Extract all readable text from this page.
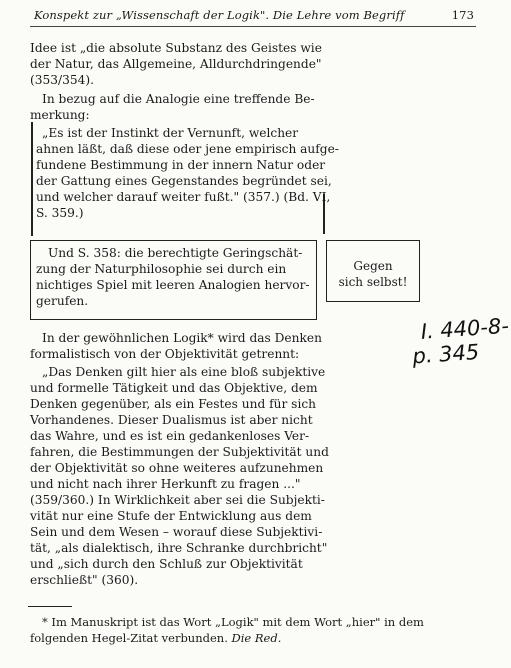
Konspekt zur „Wissenschaft der Logik". Die Lehre vom Begriff	173
Idee ist „die absolute Substanz des Geistes wie
der Natur, das Allgemeine, Alldurchdringende"
(353/354).
In bezug auf die Analogie eine treffende Be-
merkung:
„Es ist der Instinkt der Vernunft, welcher
ahnen läßt, daß diese oder jene empirisch aufge-
fundene Bestimmung in der innern Natur oder
der Gattung eines Gegenstandes begründet sei,
und welcher darauf weiter fußt." (357.) (Bd. VI,
S. 359.)
Und S. 358: die berechtigte Geringschät-
zung der Naturphilosophie sei durch ein
nichtiges Spiel mit leeren Analogien hervor-
gerufen.
Gegen
sich selbst!
I. 440-8-
p. 345
In der gewöhnlichen Logik* wird das Denken
formalistisch von der Objektivität getrennt:
„Das Denken gilt hier als eine bloß subjektive
und formelle Tätigkeit und das Objektive, dem
Denken gegenüber, als ein Festes und für sich
Vorhandenes. Dieser Dualismus ist aber nicht
das Wahre, und es ist ein gedankenloses Ver-
fahren, die Bestimmungen der Subjektivität und
der Objektivität so ohne weiteres aufzunehmen
und nicht nach ihrer Herkunft zu fragen ..."
(359/360.) In Wirklichkeit aber sei die Subjekti-
vität nur eine Stufe der Entwicklung aus dem
Sein und dem Wesen – worauf diese Subjektivi-
tät, „als dialektisch, ihre Schranke durchbricht"
und „sich durch den Schluß zur Objektivität
erschließt" (360).
* Im Manuskript ist das Wort „Logik" mit dem Wort „hier" in dem
folgenden Hegel-Zitat verbunden. Die Red.
